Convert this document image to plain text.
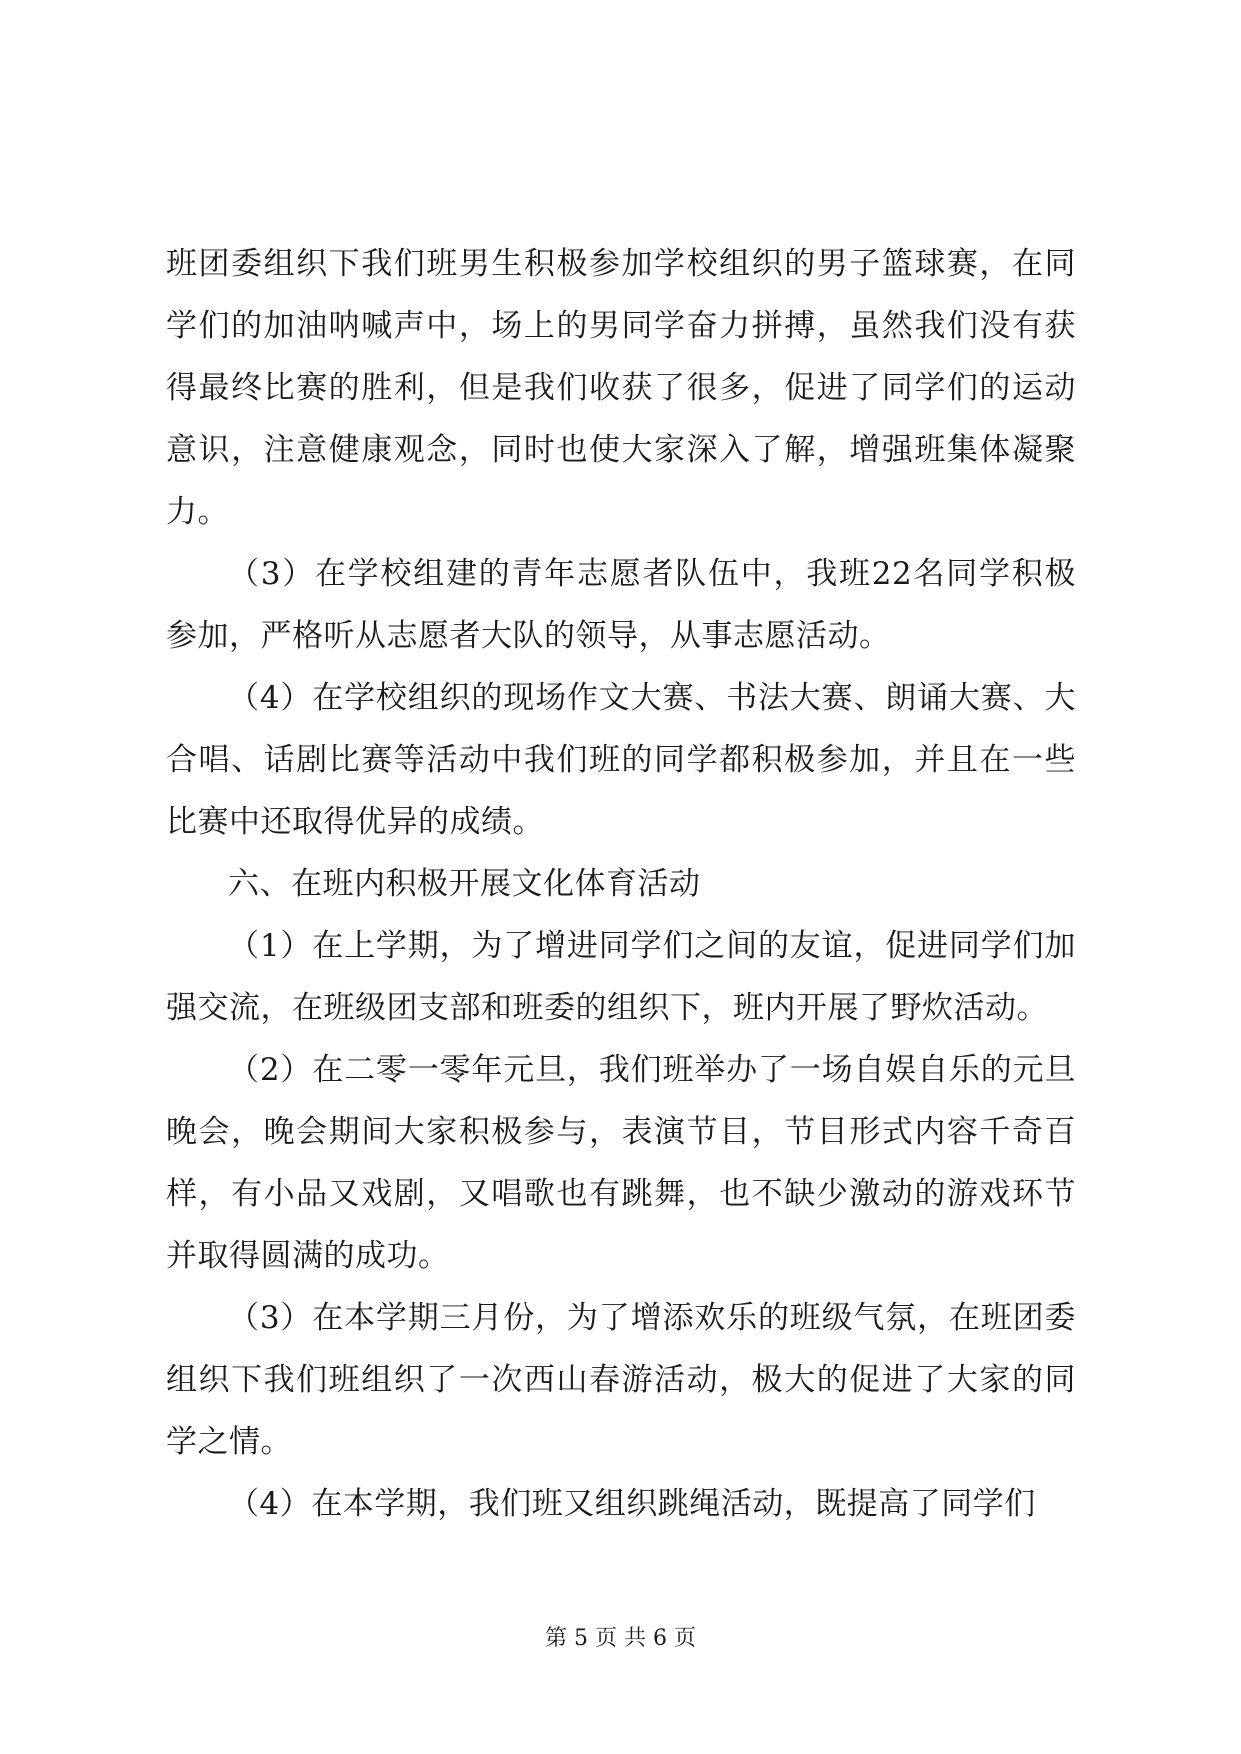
班团委组织下我们班男生积极参加学校组织的男子篮球赛，在同学们的加油呐喊声中，场上的男同学奋力拼搏，虽然我们没有获得最终比赛的胜利，但是我们收获了很多，促进了同学们的运动意识，注意健康观念，同时也使大家深入了解，增强班集体凝聚力。

（3）在学校组建的青年志愿者队伍中，我班22名同学积极参加，严格听从志愿者大队的领导，从事志愿活动。

（4）在学校组织的现场作文大赛、书法大赛、朗诵大赛、大合唱、话剧比赛等活动中我们班的同学都积极参加，并且在一些比赛中还取得优异的成绩。

六、在班内积极开展文化体育活动

（1）在上学期，为了增进同学们之间的友谊，促进同学们加强交流，在班级团支部和班委的组织下，班内开展了野炊活动。

（2）在二零一零年元旦，我们班举办了一场自娱自乐的元旦晚会，晚会期间大家积极参与，表演节目，节目形式内容千奇百样，有小品又戏剧，又唱歌也有跳舞，也不缺少激动的游戏环节并取得圆满的成功。

（3）在本学期三月份，为了增添欢乐的班级气氛，在班团委组织下我们班组织了一次西山春游活动，极大的促进了大家的同学之情。

（4）在本学期，我们班又组织跳绳活动，既提高了同学们

第 5 页 共 6 页
